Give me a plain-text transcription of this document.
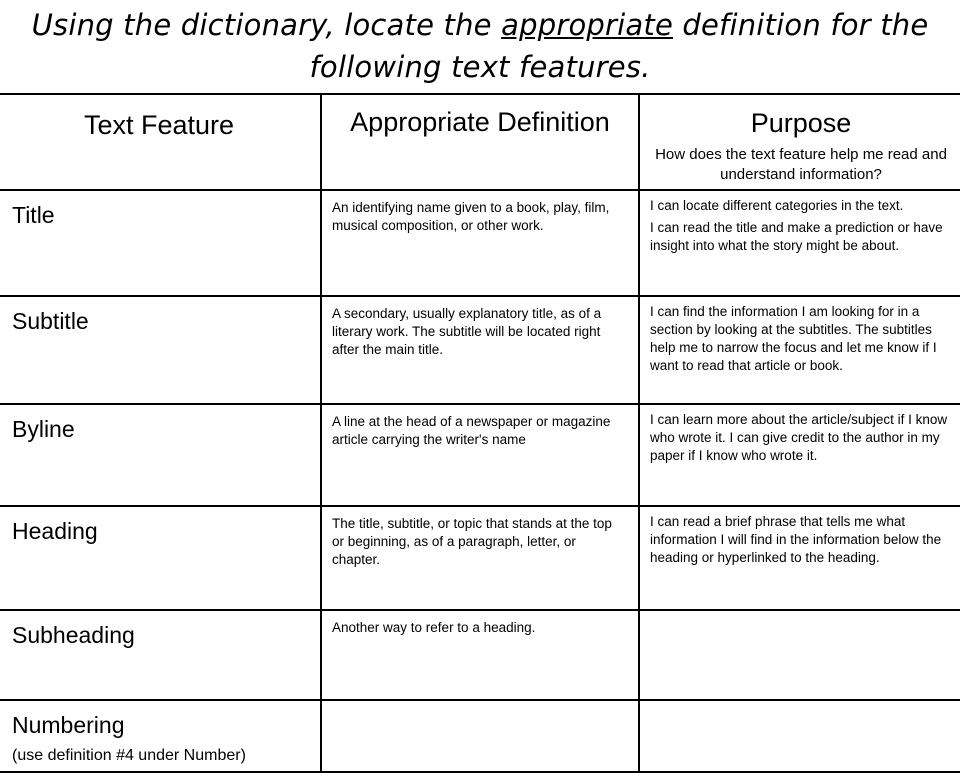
Using the dictionary, locate the appropriate definition for the following text features.
Text Feature	Appropriate Definition	Purpose
How does the text feature help me read and understand information?

Title	An identifying name given to a book, play, film, musical composition, or other work.	I can locate different categories in the text.

I can read the title and make a prediction or have insight into what the story might be about.

Subtitle	A secondary, usually explanatory title, as of a literary work. The subtitle will be located right after the main title.	I can find the information I am looking for in a section by looking at the subtitles. The subtitles help me to narrow the focus and let me know if I want to read that article or book.

Byline	A line at the head of a newspaper or magazine article carrying the writer's name	I can learn more about the article/subject if I know who wrote it. I can give credit to the author in my paper if I know who wrote it.

Heading	The title, subtitle, or topic that stands at the top or beginning, as of a paragraph, letter, or chapter.	I can read a brief phrase that tells me what information I will find in the information below the heading or hyperlinked to the heading.

Subheading	Another way to refer to a heading.	
Numbering
(use definition #4 under Number)		
